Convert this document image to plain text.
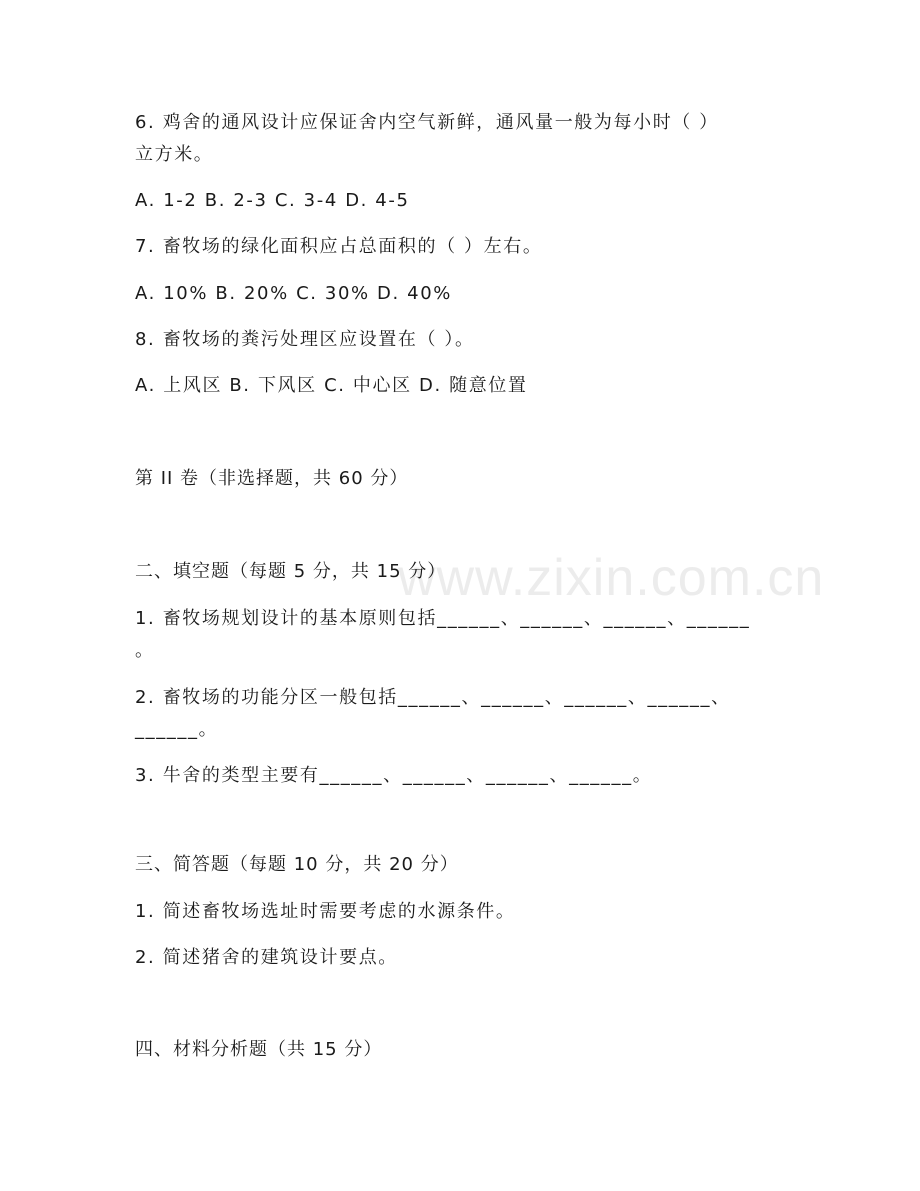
www.zixin.com.cn
6. 鸡舍的通风设计应保证舍内空气新鲜，通风量一般为每小时（ ）
立方米。
A. 1-2 B. 2-3 C. 3-4 D. 4-5
7. 畜牧场的绿化面积应占总面积的（ ）左右。
A. 10% B. 20% C. 30% D. 40%
8. 畜牧场的粪污处理区应设置在（ ）。
A. 上风区 B. 下风区 C. 中心区 D. 随意位置
第 II 卷（非选择题，共 60 分）
二、填空题（每题 5 分，共 15 分）
1. 畜牧场规划设计的基本原则包括______、______、______、______
。
2. 畜牧场的功能分区一般包括______、______、______、______、
______。
3. 牛舍的类型主要有______、______、______、______。
三、简答题（每题 10 分，共 20 分）
1. 简述畜牧场选址时需要考虑的水源条件。
2. 简述猪舍的建筑设计要点。
四、材料分析题（共 15 分）
